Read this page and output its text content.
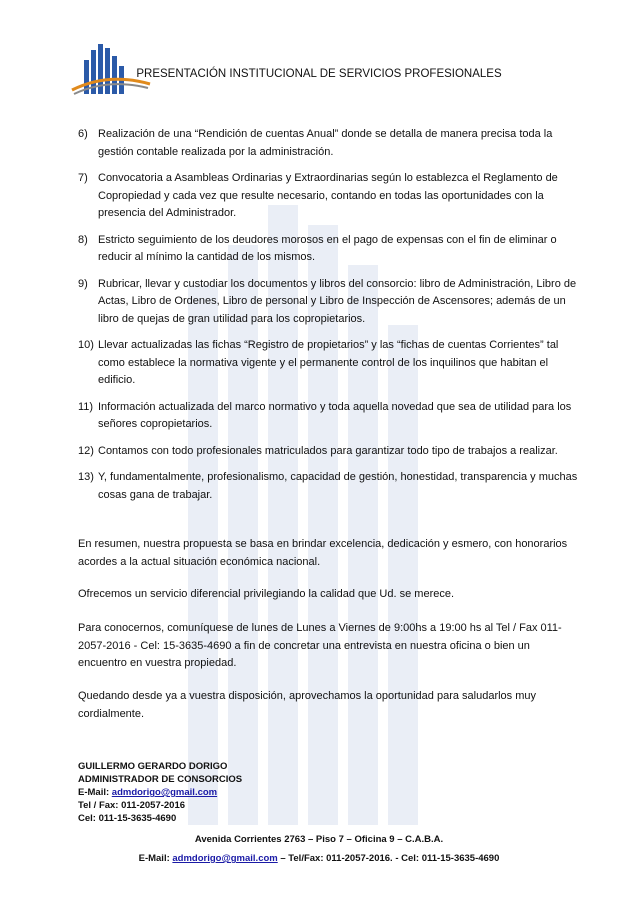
PRESENTACIÓN INSTITUCIONAL DE SERVICIOS PROFESIONALES
6) Realización de una “Rendición de cuentas Anual” donde se detalla de manera precisa toda la gestión contable realizada por la administración.
7) Convocatoria a Asambleas Ordinarias y Extraordinarias según lo establezca el Reglamento de Copropiedad y cada vez que resulte necesario, contando en todas las oportunidades con la presencia del Administrador.
8) Estricto seguimiento de los deudores morosos en el pago de expensas con el fin de eliminar o reducir al mínimo la cantidad de los mismos.
9) Rubricar, llevar y custodiar los documentos y libros del consorcio: libro de Administración, Libro de Actas, Libro de Ordenes, Libro de personal y Libro de Inspección de Ascensores; además de un libro de quejas de gran utilidad para los copropietarios.
10) Llevar actualizadas las fichas “Registro de propietarios” y las “fichas de cuentas Corrientes” tal como establece la normativa vigente y el permanente control de los inquilinos que habitan el edificio.
11) Información actualizada del marco normativo y toda aquella novedad que sea de utilidad para los señores copropietarios.
12) Contamos con todo profesionales matriculados para garantizar todo tipo de trabajos a realizar.
13) Y, fundamentalmente, profesionalismo, capacidad de gestión, honestidad, transparencia y muchas cosas gana de trabajar.
En resumen, nuestra propuesta se basa en brindar excelencia, dedicación y esmero, con honorarios acordes a la actual situación económica nacional.
Ofrecemos un servicio diferencial privilegiando la calidad que Ud. se merece.
Para conocernos, comuníquese de lunes de Lunes a Viernes de 9:00hs a 19:00 hs al Tel / Fax 011-2057-2016 - Cel: 15-3635-4690 a fin de concretar una entrevista en nuestra oficina o bien un encuentro en vuestra propiedad.
Quedando desde ya a vuestra disposición, aprovechamos la oportunidad para saludarlos muy cordialmente.
GUILLERMO GERARDO DORIGO
ADMINISTRADOR DE CONSORCIOS
E-Mail: admdorigo@gmail.com
Tel / Fax: 011-2057-2016
Cel: 011-15-3635-4690
Avenida Corrientes 2763 – Piso 7 – Oficina 9 – C.A.B.A.
E-Mail: admdorigo@gmail.com – Tel/Fax: 011-2057-2016. - Cel: 011-15-3635-4690
